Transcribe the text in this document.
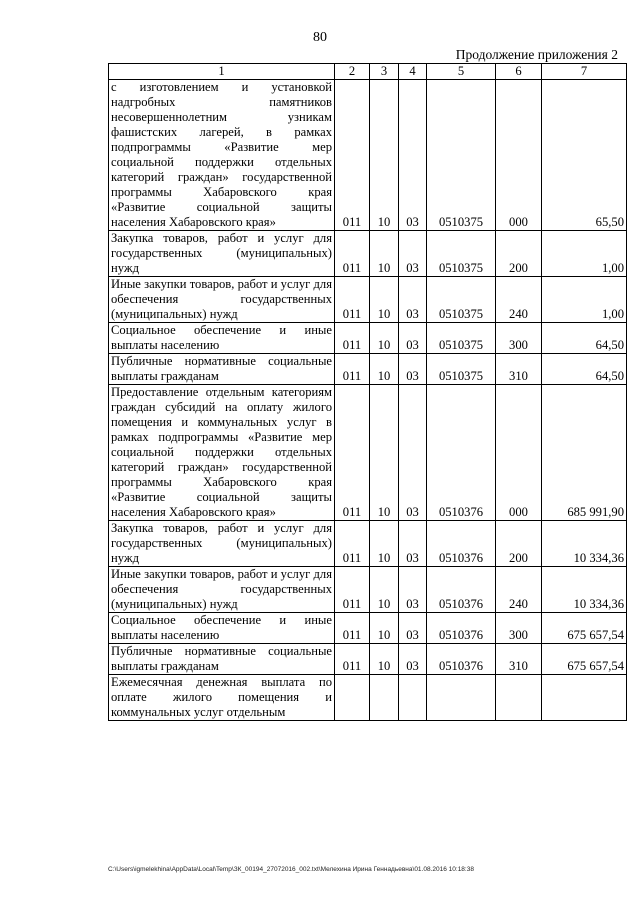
80
Продолжение приложения 2
1	2	3	4	5	6	7
с изготовлением и установкой надгробных памятников несовершеннолетним узникам фашистских лагерей, в рамках подпрограммы «Развитие мер социальной поддержки отдельных категорий граждан» государственной программы Хабаровского края «Развитие социальной защиты населения Хабаровского края»	011	10	03	0510375	000	65,50
Закупка товаров, работ и услуг для государственных (муниципальных) нужд	011	10	03	0510375	200	1,00
Иные закупки товаров, работ и услуг для обеспечения государственных (муниципальных) нужд	011	10	03	0510375	240	1,00
Социальное обеспечение и иные выплаты населению	011	10	03	0510375	300	64,50
Публичные нормативные социальные выплаты гражданам	011	10	03	0510375	310	64,50
Предоставление отдельным категориям граждан субсидий на оплату жилого помещения и коммунальных услуг в рамках подпрограммы «Развитие мер социальной поддержки отдельных категорий граждан» государственной программы Хабаровского края «Развитие социальной защиты населения Хабаровского края»	011	10	03	0510376	000	685 991,90
Закупка товаров, работ и услуг для государственных (муниципальных) нужд	011	10	03	0510376	200	10 334,36
Иные закупки товаров, работ и услуг для обеспечения государственных (муниципальных) нужд	011	10	03	0510376	240	10 334,36
Социальное обеспечение и иные выплаты населению	011	10	03	0510376	300	675 657,54
Публичные нормативные социальные выплаты гражданам	011	10	03	0510376	310	675 657,54
Ежемесячная денежная выплата по оплате жилого помещения и коммунальных услуг отдельным						
C:\Users\igmelekhina\AppData\Local\Temp\ЗК_00194_27072016_002.txt\Мелехина Ирина Геннадьевна\01.08.2016 10:18:38
